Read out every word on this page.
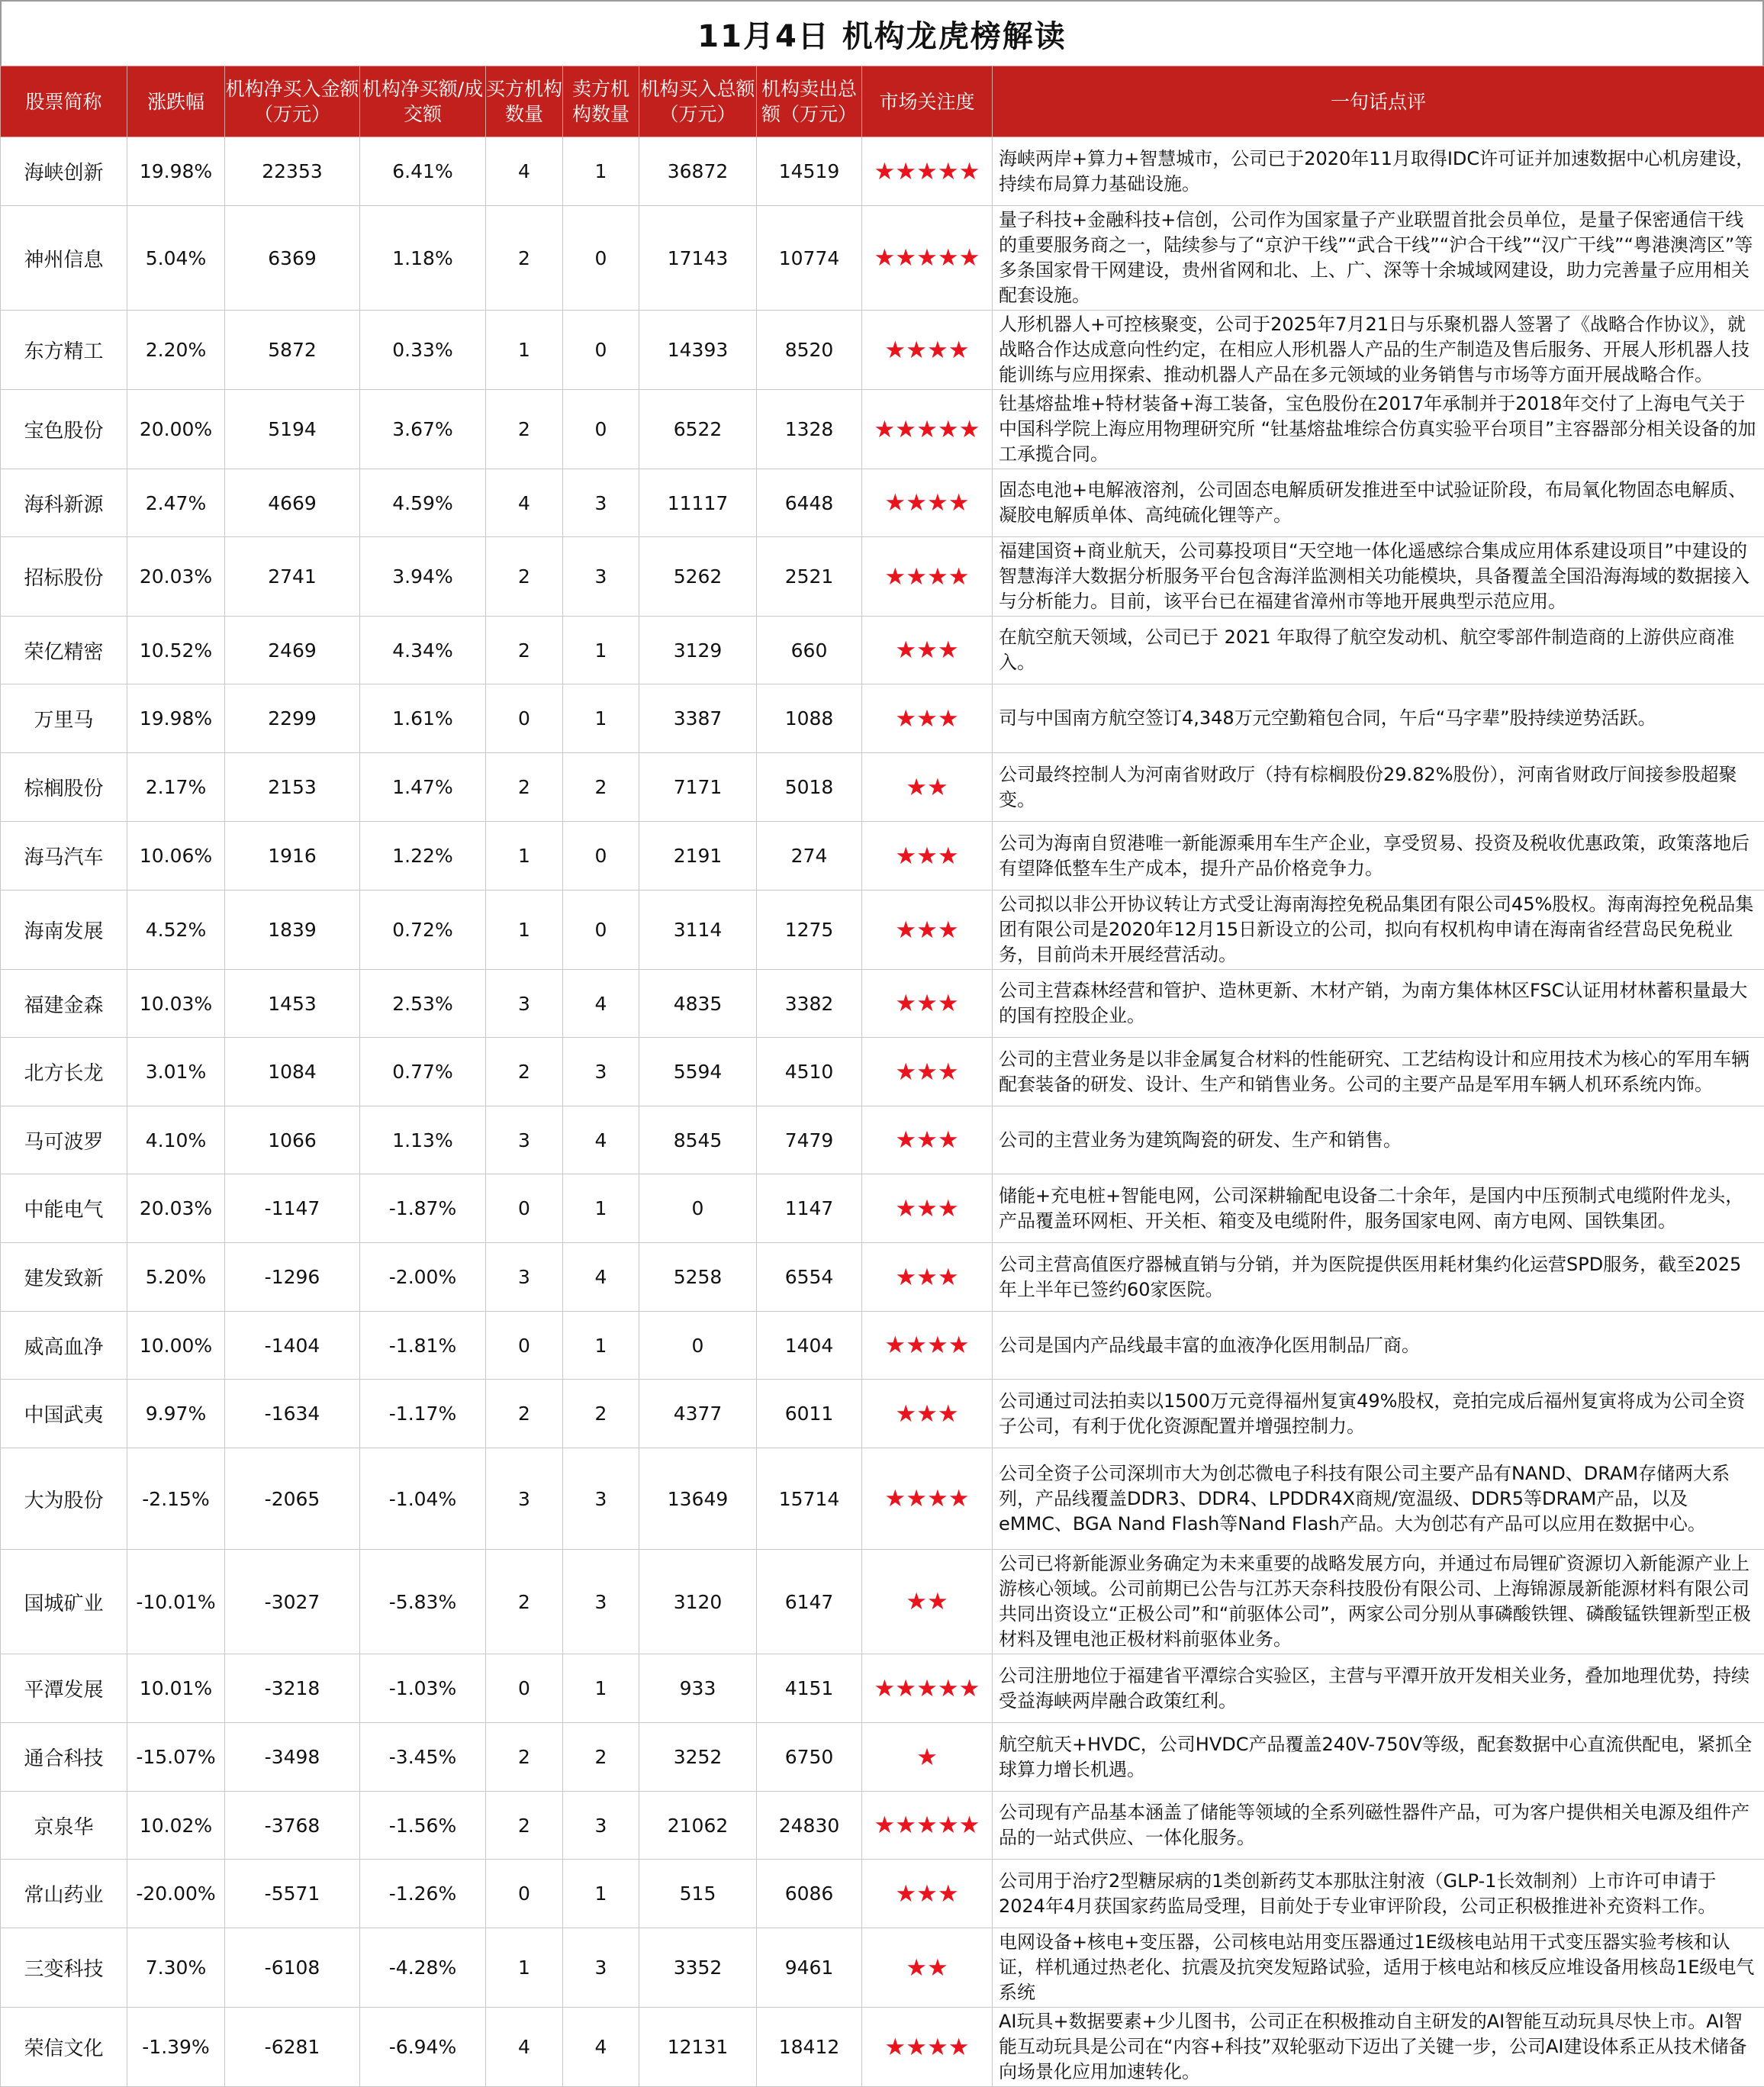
11月4日 机构龙虎榜解读
股票简称	涨跌幅	机构净买入金额（万元）	机构净买额/成交额	买方机构数量	卖方机构数量	机构买入总额（万元）	机构卖出总额（万元）	市场关注度	一句话点评
海峡创新	19.98%	22353	6.41%	4	1	36872	14519	★★★★★	海峡两岸+算力+智慧城市，公司已于2020年11月取得IDC许可证并加速数据中心机房建设，持续布局算力基础设施。
神州信息	5.04%	6369	1.18%	2	0	17143	10774	★★★★★	量子科技+金融科技+信创，公司作为国家量子产业联盟首批会员单位，是量子保密通信干线的重要服务商之一，陆续参与了“京沪干线”“武合干线”“沪合干线”“汉广干线”“粤港澳湾区”等多条国家骨干网建设，贵州省网和北、上、广、深等十余城域网建设，助力完善量子应用相关配套设施。
东方精工	2.20%	5872	0.33%	1	0	14393	8520	★★★★	人形机器人+可控核聚变，公司于2025年7月21日与乐聚机器人签署了《战略合作协议》，就战略合作达成意向性约定，在相应人形机器人产品的生产制造及售后服务、开展人形机器人技能训练与应用探索、推动机器人产品在多元领域的业务销售与市场等方面开展战略合作。
宝色股份	20.00%	5194	3.67%	2	0	6522	1328	★★★★★	钍基熔盐堆+特材装备+海工装备，宝色股份在2017年承制并于2018年交付了上海电气关于中国科学院上海应用物理研究所 “钍基熔盐堆综合仿真实验平台项目”主容器部分相关设备的加工承揽合同。
海科新源	2.47%	4669	4.59%	4	3	11117	6448	★★★★	固态电池+电解液溶剂，公司固态电解质研发推进至中试验证阶段，布局氧化物固态电解质、凝胶电解质单体、高纯硫化锂等产。
招标股份	20.03%	2741	3.94%	2	3	5262	2521	★★★★	福建国资+商业航天，公司募投项目“天空地一体化遥感综合集成应用体系建设项目”中建设的智慧海洋大数据分析服务平台包含海洋监测相关功能模块，具备覆盖全国沿海海域的数据接入与分析能力。目前，该平台已在福建省漳州市等地开展典型示范应用。
荣亿精密	10.52%	2469	4.34%	2	1	3129	660	★★★	在航空航天领域，公司已于 2021 年取得了航空发动机、航空零部件制造商的上游供应商准入。
万里马	19.98%	2299	1.61%	0	1	3387	1088	★★★	司与中国南方航空签订4,348万元空勤箱包合同，午后“马字辈”股持续逆势活跃。
棕榈股份	2.17%	2153	1.47%	2	2	7171	5018	★★	公司最终控制人为河南省财政厅（持有棕榈股份29.82%股份），河南省财政厅间接参股超聚变。
海马汽车	10.06%	1916	1.22%	1	0	2191	274	★★★	公司为海南自贸港唯一新能源乘用车生产企业，享受贸易、投资及税收优惠政策，政策落地后有望降低整车生产成本，提升产品价格竞争力。
海南发展	4.52%	1839	0.72%	1	0	3114	1275	★★★	公司拟以非公开协议转让方式受让海南海控免税品集团有限公司45%股权。海南海控免税品集团有限公司是2020年12月15日新设立的公司，拟向有权机构申请在海南省经营岛民免税业务，目前尚未开展经营活动。
福建金森	10.03%	1453	2.53%	3	4	4835	3382	★★★	公司主营森林经营和管护、造林更新、木材产销，为南方集体林区FSC认证用材林蓄积量最大的国有控股企业。
北方长龙	3.01%	1084	0.77%	2	3	5594	4510	★★★	公司的主营业务是以非金属复合材料的性能研究、工艺结构设计和应用技术为核心的军用车辆配套装备的研发、设计、生产和销售业务。公司的主要产品是军用车辆人机环系统内饰。
马可波罗	4.10%	1066	1.13%	3	4	8545	7479	★★★	公司的主营业务为建筑陶瓷的研发、生产和销售。
中能电气	20.03%	-1147	-1.87%	0	1	0	1147	★★★	储能+充电桩+智能电网，公司深耕输配电设备二十余年，是国内中压预制式电缆附件龙头，产品覆盖环网柜、开关柜、箱变及电缆附件，服务国家电网、南方电网、国铁集团。
建发致新	5.20%	-1296	-2.00%	3	4	5258	6554	★★★	公司主营高值医疗器械直销与分销，并为医院提供医用耗材集约化运营SPD服务，截至2025年上半年已签约60家医院。
威高血净	10.00%	-1404	-1.81%	0	1	0	1404	★★★★	公司是国内产品线最丰富的血液净化医用制品厂商。
中国武夷	9.97%	-1634	-1.17%	2	2	4377	6011	★★★	公司通过司法拍卖以1500万元竞得福州复寅49%股权，竞拍完成后福州复寅将成为公司全资子公司，有利于优化资源配置并增强控制力。
大为股份	-2.15%	-2065	-1.04%	3	3	13649	15714	★★★★	公司全资子公司深圳市大为创芯微电子科技有限公司主要产品有NAND、DRAM存储两大系列，产品线覆盖DDR3、DDR4、LPDDR4X商规/宽温级、DDR5等DRAM产品，以及eMMC、BGA Nand Flash等Nand Flash产品。大为创芯有产品可以应用在数据中心。
国城矿业	-10.01%	-3027	-5.83%	2	3	3120	6147	★★	公司已将新能源业务确定为未来重要的战略发展方向，并通过布局锂矿资源切入新能源产业上游核心领域。公司前期已公告与江苏天奈科技股份有限公司、上海锦源晟新能源材料有限公司共同出资设立“正极公司”和“前驱体公司”，两家公司分别从事磷酸铁锂、磷酸锰铁锂新型正极材料及锂电池正极材料前驱体业务。
平潭发展	10.01%	-3218	-1.03%	0	1	933	4151	★★★★★	公司注册地位于福建省平潭综合实验区，主营与平潭开放开发相关业务，叠加地理优势，持续受益海峡两岸融合政策红利。
通合科技	-15.07%	-3498	-3.45%	2	2	3252	6750	★	航空航天+HVDC，公司HVDC产品覆盖240V-750V等级，配套数据中心直流供配电，紧抓全球算力增长机遇。
京泉华	10.02%	-3768	-1.56%	2	3	21062	24830	★★★★★	公司现有产品基本涵盖了储能等领域的全系列磁性器件产品，可为客户提供相关电源及组件产品的一站式供应、一体化服务。
常山药业	-20.00%	-5571	-1.26%	0	1	515	6086	★★★	公司用于治疗2型糖尿病的1类创新药艾本那肽注射液（GLP-1长效制剂）上市许可申请于2024年4月获国家药监局受理，目前处于专业审评阶段，公司正积极推进补充资料工作。
三变科技	7.30%	-6108	-4.28%	1	3	3352	9461	★★	电网设备+核电+变压器，公司核电站用变压器通过1E级核电站用干式变压器实验考核和认证，样机通过热老化、抗震及抗突发短路试验，适用于核电站和核反应堆设备用核岛1E级电气系统
荣信文化	-1.39%	-6281	-6.94%	4	4	12131	18412	★★★★	AI玩具+数据要素+少儿图书，公司正在积极推动自主研发的AI智能互动玩具尽快上市。AI智能互动玩具是公司在“内容+科技”双轮驱动下迈出了关键一步，公司AI建设体系正从技术储备向场景化应用加速转化。
